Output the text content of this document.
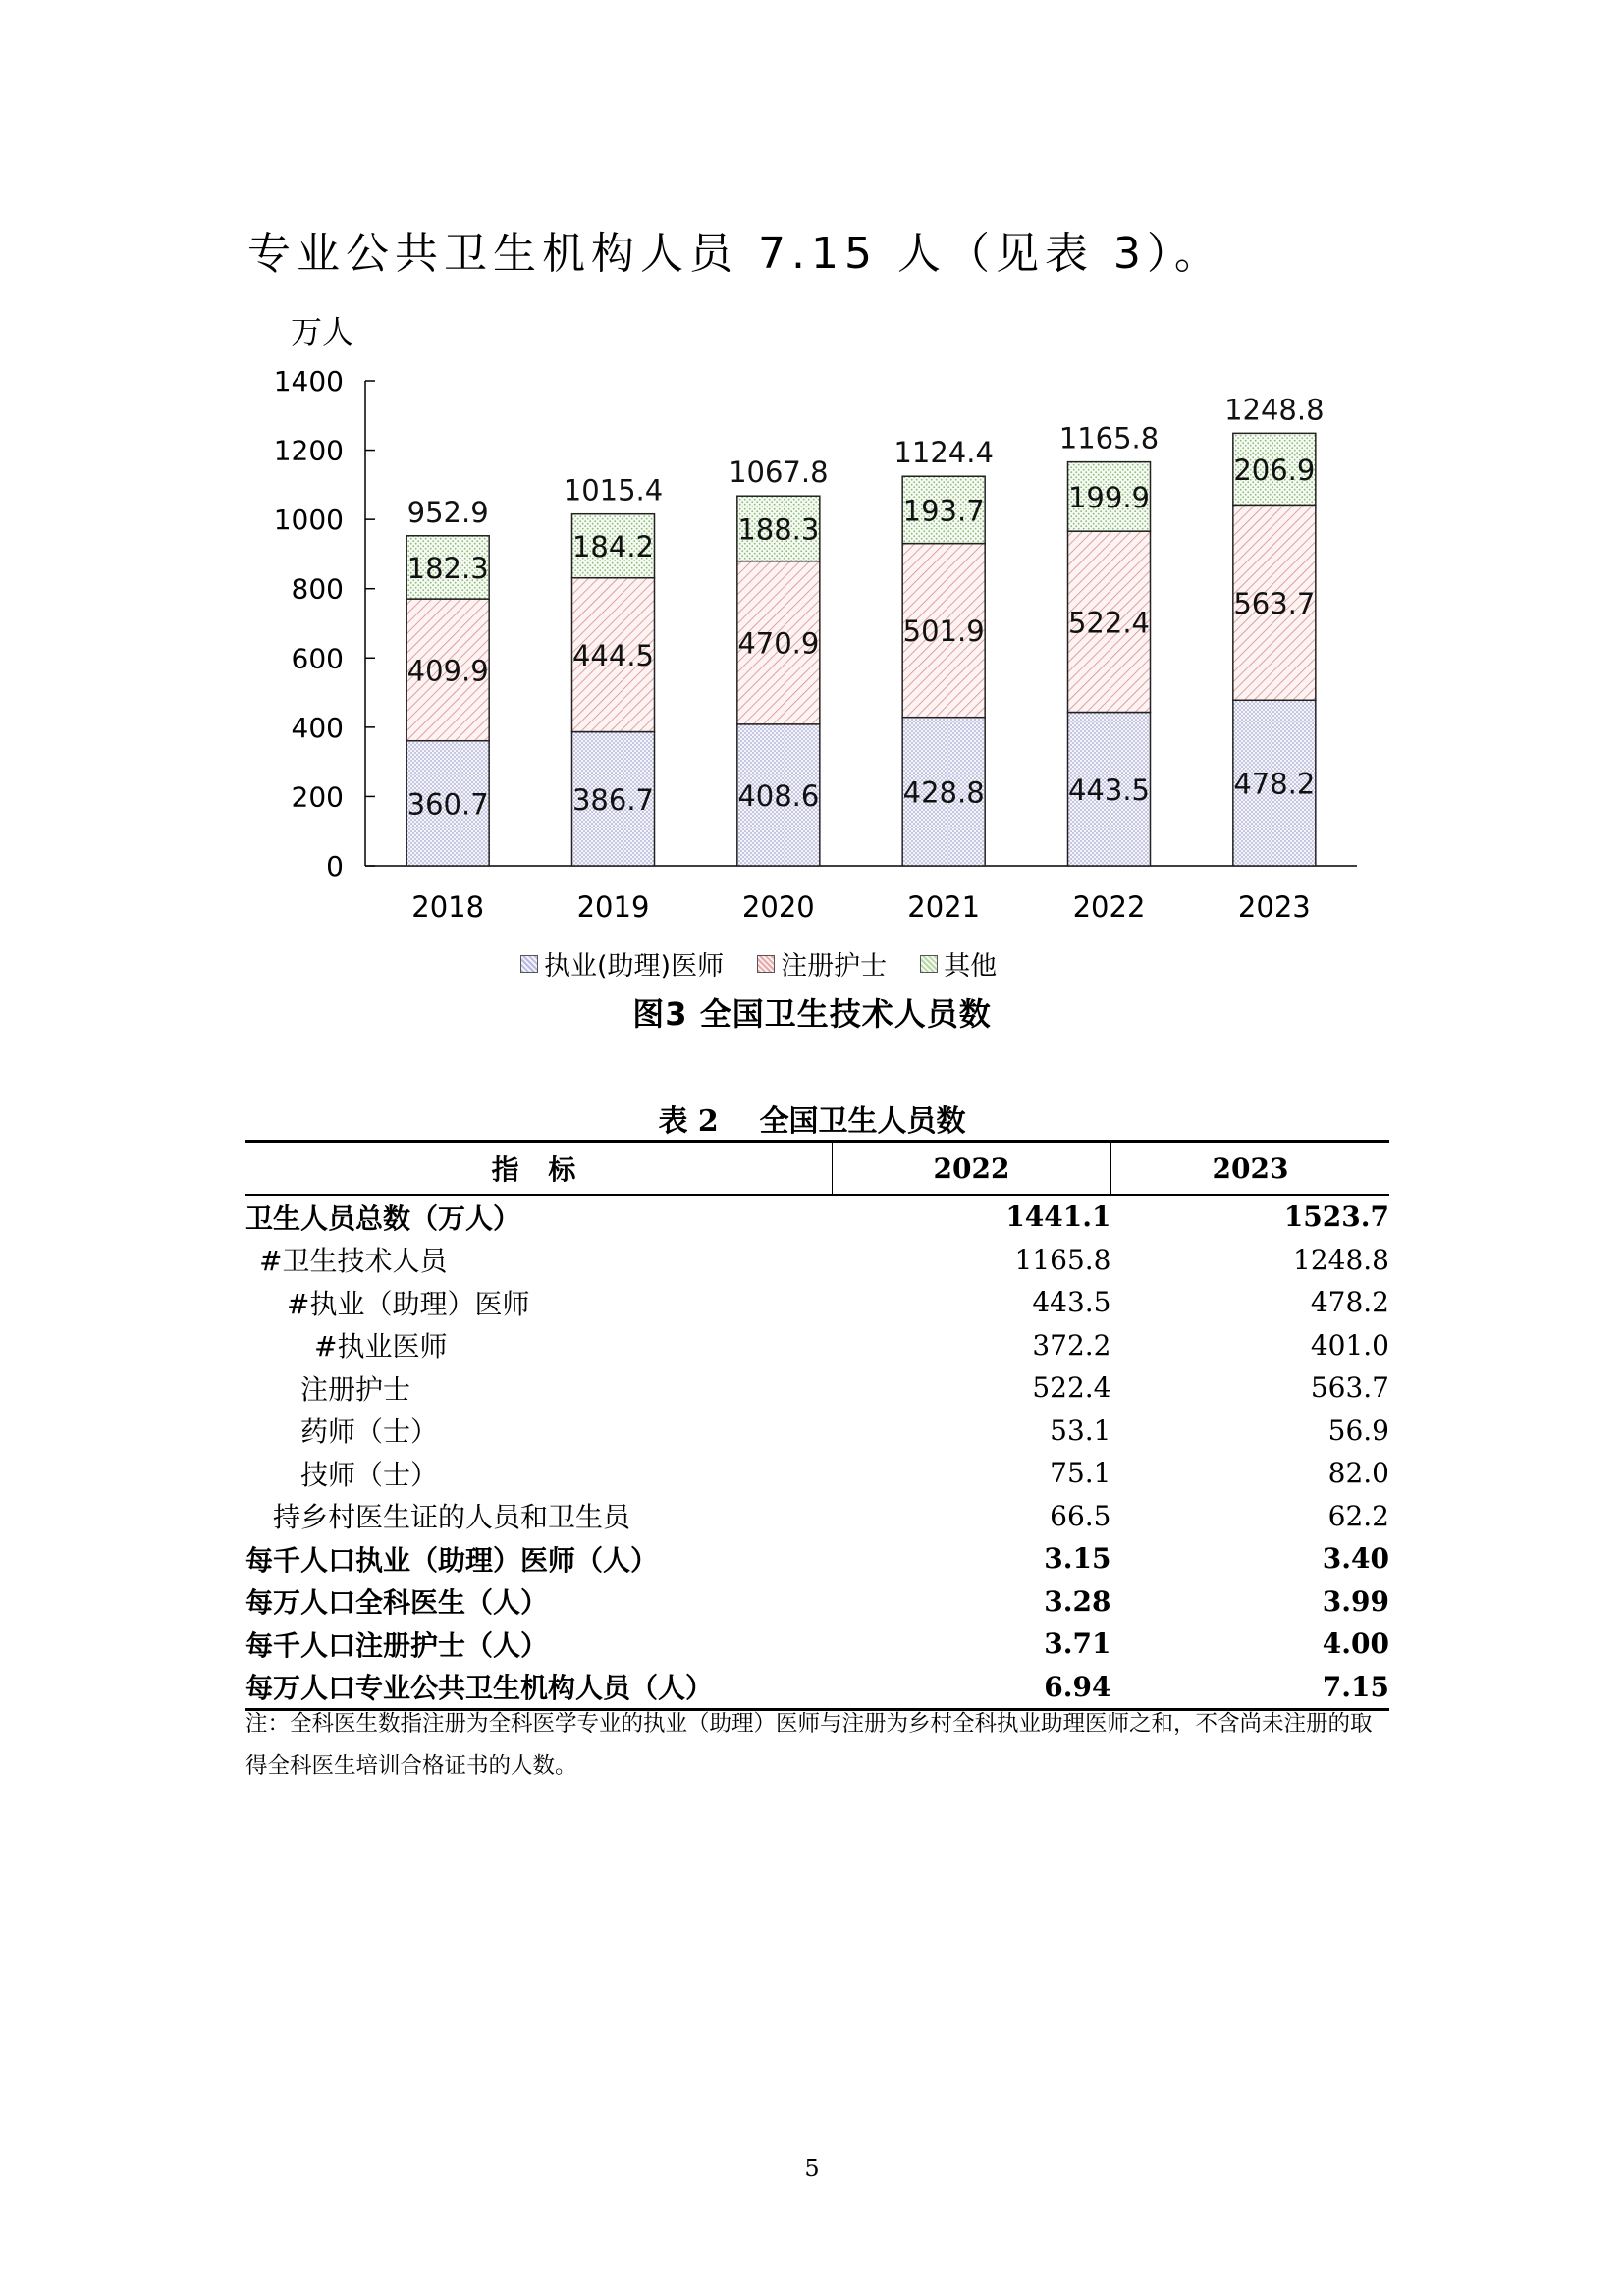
专业公共卫生机构人员 7.15 人（见表 3）。
万人
0
200
400
600
800
1000
1200
1400
360.7
409.9
182.3
952.9
2018
386.7
444.5
184.2
1015.4
2019
408.6
470.9
188.3
1067.8
2020
428.8
501.9
193.7
1124.4
2021
443.5
522.4
199.9
1165.8
2022
478.2
563.7
206.9
1248.8
2023
执业(助理)医师 注册护士 其他
图3 全国卫生技术人员数
表 2    全国卫生人员数
指 标	2022	2023
卫生人员总数（万人）	1441.1	1523.7
#卫生技术人员	1165.8	1248.8
#执业（助理）医师	443.5	478.2
#执业医师	372.2	401.0
注册护士	522.4	563.7
药师（士）	53.1	56.9
技师（士）	75.1	82.0
持乡村医生证的人员和卫生员	66.5	62.2
每千人口执业（助理）医师（人）	3.15	3.40
每万人口全科医生（人）	3.28	3.99
每千人口注册护士（人）	3.71	4.00
每万人口专业公共卫生机构人员（人）	6.94	7.15
注：全科医生数指注册为全科医学专业的执业（助理）医师与注册为乡村全科执业助理医师之和，不含尚未注册的取得全科医生培训合格证书的人数。
5
